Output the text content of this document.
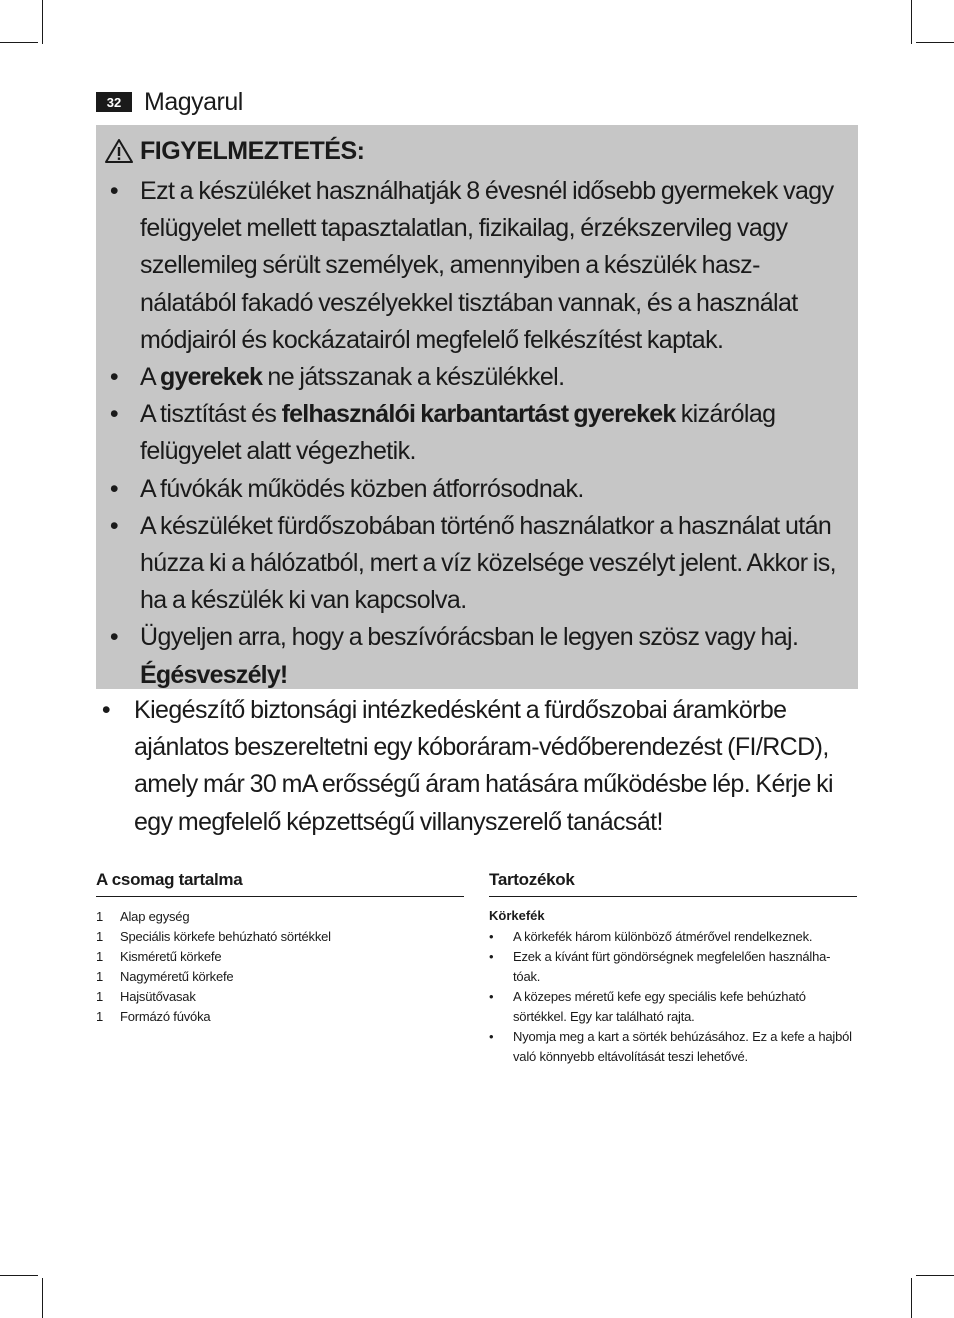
32 Magyarul
FIGYELMEZTETÉS:
• Ezt a készüléket használhatják 8 évesnél idősebb gyermekek vagy felügyelet mellett tapasztalatlan, fizikailag, érzékszervileg vagy szellemileg sérült személyek, amennyiben a készülék hasz- nálatából fakadó veszélyekkel tisztában vannak, és a használat módjairól és kockázatairól megfelelő felkészítést kaptak.
• A gyerekek ne játsszanak a készülékkel.
• A tisztítást és felhasználói karbantartást gyerekek kizárólag felügyelet alatt végezhetik.
• A fúvókák működés közben átforrósodnak.
• A készüléket fürdőszobában történő használatkor a használat után húzza ki a hálózatból, mert a víz közelsége veszélyt jelent. Akkor is, ha a készülék ki van kapcsolva.
• Ügyeljen arra, hogy a beszívórácsban le legyen szösz vagy haj. Égésveszély!
• Kiegészítő biztonsági intézkedésként a fürdőszobai áramkörbe ajánlatos beszereltetni egy kóboráram-védőberendezést (FI/RCD), amely már 30 mA erősségű áram hatására működésbe lép. Kérje ki egy megfelelő képzettségű villanyszerelő tanácsát!
A csomag tartalma
1	Alap egység
1	Speciális körkefe behúzható sörtékkel
1	Kisméretű körkefe
1	Nagyméretű körkefe
1	Hajsütővasak
1	Formázó fúvóka
Tartozékok
Körkefék
• A körkefék három különböző átmérővel rendelkeznek.
• Ezek a kívánt fürt göndörségnek megfelelően használha- tóak.
• A közepes méretű kefe egy speciális kefe behúzható sörtékkel. Egy kar található rajta.
• Nyomja meg a kart a sörték behúzásához. Ez a kefe a hajból való könnyebb eltávolítását teszi lehetővé.
